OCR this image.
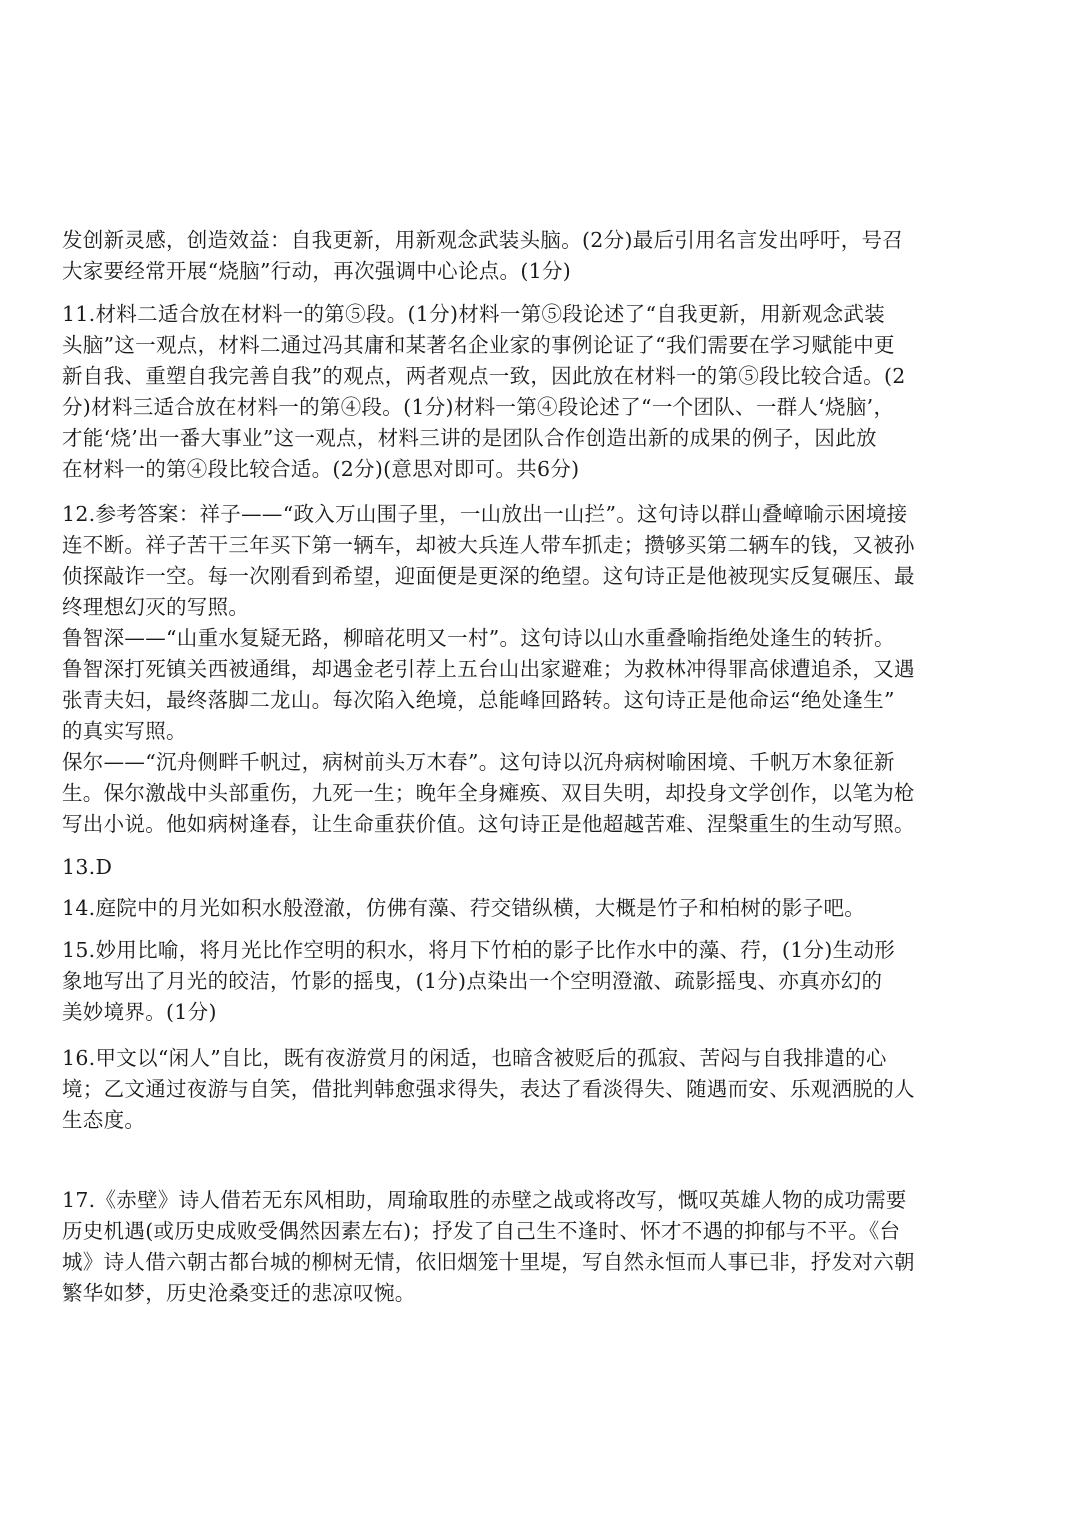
发创新灵感，创造效益：自我更新，用新观念武装头脑。(2分)最后引用名言发出呼吁，号召
大家要经常开展“烧脑”行动，再次强调中心论点。(1分)
11.材料二适合放在材料一的第⑤段。(1分)材料一第⑤段论述了“自我更新，用新观念武装
头脑”这一观点，材料二通过冯其庸和某著名企业家的事例论证了“我们需要在学习赋能中更
新自我、重塑自我完善自我”的观点，两者观点一致，因此放在材料一的第⑤段比较合适。(2
分)材料三适合放在材料一的第④段。(1分)材料一第④段论述了“一个团队、一群人‘烧脑’，
才能‘烧’出一番大事业”这一观点，材料三讲的是团队合作创造出新的成果的例子，因此放
在材料一的第④段比较合适。(2分)(意思对即可。共6分)
12.参考答案：祥子——“政入万山围子里，一山放出一山拦”。这句诗以群山叠嶂喻示困境接
连不断。祥子苦干三年买下第一辆车，却被大兵连人带车抓走；攒够买第二辆车的钱，又被孙
侦探敲诈一空。每一次刚看到希望，迎面便是更深的绝望。这句诗正是他被现实反复碾压、最
终理想幻灭的写照。
鲁智深——“山重水复疑无路，柳暗花明又一村”。这句诗以山水重叠喻指绝处逢生的转折。
鲁智深打死镇关西被通缉，却遇金老引荐上五台山出家避难；为救林冲得罪高俅遭追杀，又遇
张青夫妇，最终落脚二龙山。每次陷入绝境，总能峰回路转。这句诗正是他命运“绝处逢生”
的真实写照。
保尔——“沉舟侧畔千帆过，病树前头万木春”。这句诗以沉舟病树喻困境、千帆万木象征新
生。保尔激战中头部重伤，九死一生；晚年全身瘫痪、双目失明，却投身文学创作，以笔为枪
写出小说。他如病树逢春，让生命重获价值。这句诗正是他超越苦难、涅槃重生的生动写照。
13.D
14.庭院中的月光如积水般澄澈，仿佛有藻、荇交错纵横，大概是竹子和柏树的影子吧。
15.妙用比喻，将月光比作空明的积水，将月下竹柏的影子比作水中的藻、荇，(1分)生动形
象地写出了月光的皎洁，竹影的摇曳，(1分)点染出一个空明澄澈、疏影摇曳、亦真亦幻的
美妙境界。(1分)
16.甲文以“闲人”自比，既有夜游赏月的闲适，也暗含被贬后的孤寂、苦闷与自我排遣的心
境；乙文通过夜游与自笑，借批判韩愈强求得失，表达了看淡得失、随遇而安、乐观洒脱的人
生态度。
17.《赤壁》诗人借若无东风相助，周瑜取胜的赤壁之战或将改写，慨叹英雄人物的成功需要
历史机遇(或历史成败受偶然因素左右)；抒发了自己生不逢时、怀才不遇的抑郁与不平。《台
城》诗人借六朝古都台城的柳树无情，依旧烟笼十里堤，写自然永恒而人事已非，抒发对六朝
繁华如梦，历史沧桑变迁的悲凉叹惋。
